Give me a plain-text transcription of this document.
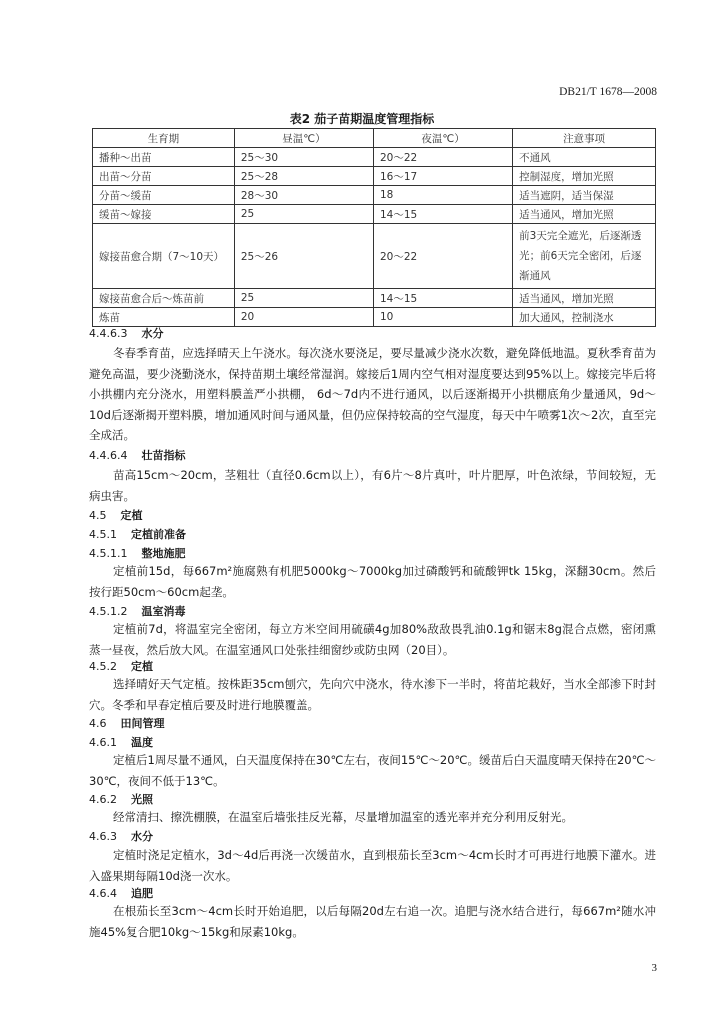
DB21/T 1678—2008
表2 茄子苗期温度管理指标
生育期	昼温℃）	夜温℃）	注意事项
播种～出苗	25～30	20～22	不通风
出苗～分苗	25～28	16～17	控制湿度，增加光照
分苗～缓苗	28～30	18	适当遮阴，适当保湿
缓苗～嫁接	25	14～15	适当通风，增加光照
嫁接苗愈合期（7～10天）	25～26	20～22	前3天完全遮光，后逐渐透光；前6天完全密闭，后逐渐通风
嫁接苗愈合后～炼苗前	25	14～15	适当通风，增加光照
炼苗	20	10	加大通风，控制浇水
4.4.6.3 水分
冬春季育苗，应选择晴天上午浇水。每次浇水要浇足，要尽量减少浇水次数，避免降低地温。夏秋季育苗为避免高温，要少浇勤浇水，保持苗期土壤经常湿润。嫁接后1周内空气相对湿度要达到95%以上。嫁接完毕后将小拱棚内充分浇水，用塑料膜盖严小拱棚， 6d～7d内不进行通风，以后逐渐揭开小拱棚底角少量通风，9d～10d后逐渐揭开塑料膜，增加通风时间与通风量，但仍应保持较高的空气湿度，每天中午喷雾1次～2次，直至完全成活。
4.4.6.4 壮苗指标
苗高15cm～20cm，茎粗壮（直径0.6cm以上），有6片～8片真叶，叶片肥厚，叶色浓绿，节间较短，无病虫害。
4.5 定植
4.5.1 定植前准备
4.5.1.1 整地施肥
定植前15d，每667m²施腐熟有机肥5000kg～7000kg加过磷酸钙和硫酸钾tk 15kg，深翻30cm。然后按行距50cm～60cm起垄。
4.5.1.2 温室消毒
定植前7d，将温室完全密闭，每立方米空间用硫磺4g加80%敌敌畏乳油0.1g和锯末8g混合点燃，密闭熏蒸一昼夜，然后放大风。在温室通风口处张挂细窗纱或防虫网（20目）。
4.5.2 定植
选择晴好天气定植。按株距35cm刨穴，先向穴中浇水，待水渗下一半时，将苗坨栽好，当水全部渗下时封穴。冬季和早春定植后要及时进行地膜覆盖。
4.6 田间管理
4.6.1 温度
定植后1周尽量不通风，白天温度保持在30℃左右，夜间15℃～20℃。缓苗后白天温度晴天保持在20℃～30℃，夜间不低于13℃。
4.6.2 光照
经常清扫、擦洗棚膜，在温室后墙张挂反光幕，尽量增加温室的透光率并充分利用反射光。
4.6.3 水分
定植时浇足定植水，3d～4d后再浇一次缓苗水，直到根茄长至3cm～4cm长时才可再进行地膜下灌水。进入盛果期每隔10d浇一次水。
4.6.4 追肥
在根茄长至3cm～4cm长时开始追肥，以后每隔20d左右追一次。追肥与浇水结合进行，每667m²随水冲施45%复合肥10kg～15kg和尿素10kg。
3
